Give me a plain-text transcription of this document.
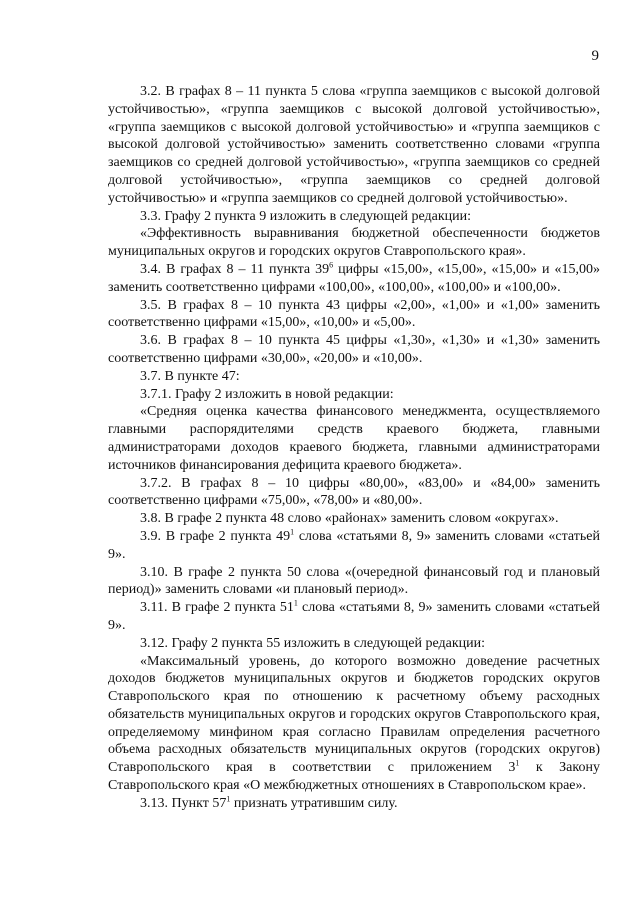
9

3.2. В графах 8 – 11 пункта 5 слова «группа заемщиков с высокой долговой устойчивостью», «группа заемщиков с высокой долговой устойчивостью», «группа заемщиков с высокой долговой устойчивостью» и «группа заемщиков с высокой долговой устойчивостью» заменить соответственно словами «группа заемщиков со средней долговой устойчивостью», «группа заемщиков со средней долговой устойчивостью», «группа заемщиков со средней долговой устойчивостью» и «группа заемщиков со средней долговой устойчивостью».

3.3. Графу 2 пункта 9 изложить в следующей редакции:

«Эффективность выравнивания бюджетной обеспеченности бюджетов муниципальных округов и городских округов Ставропольского края».

3.4. В графах 8 – 11 пункта $39^6$ цифры «15,00», «15,00», «15,00» и «15,00» заменить соответственно цифрами «100,00», «100,00», «100,00» и «100,00».

3.5. В графах 8 – 10 пункта 43 цифры «2,00», «1,00» и «1,00» заменить соответственно цифрами «15,00», «10,00» и «5,00».

3.6. В графах 8 – 10 пункта 45 цифры «1,30», «1,30» и «1,30» заменить соответственно цифрами «30,00», «20,00» и «10,00».

3.7. В пункте 47:

3.7.1. Графу 2 изложить в новой редакции:

«Средняя оценка качества финансового менеджмента, осуществляемого главными распорядителями средств краевого бюджета, главными администраторами доходов краевого бюджета, главными администраторами источников финансирования дефицита краевого бюджета».

3.7.2. В графах 8 – 10 цифры «80,00», «83,00» и «84,00» заменить соответственно цифрами «75,00», «78,00» и «80,00».

3.8. В графе 2 пункта 48 слово «районах» заменить словом «округах».

3.9. В графе 2 пункта $49^1$ слова «статьями 8, 9» заменить словами «статьей 9».

3.10. В графе 2 пункта 50 слова «(очередной финансовый год и плановый период)» заменить словами «и плановый период».

3.11. В графе 2 пункта $51^1$ слова «статьями 8, 9» заменить словами «статьей 9».

3.12. Графу 2 пункта 55 изложить в следующей редакции:

«Максимальный уровень, до которого возможно доведение расчетных доходов бюджетов муниципальных округов и бюджетов городских округов Ставропольского края по отношению к расчетному объему расходных обязательств муниципальных округов и городских округов Ставропольского края, определяемому минфином края согласно Правилам определения расчетного объема расходных обязательств муниципальных округов (городских округов) Ставропольского края в соответствии с приложением $3^1$ к Закону Ставропольского края «О межбюджетных отношениях в Ставропольском крае».

3.13. Пункт $57^1$ признать утратившим силу.
